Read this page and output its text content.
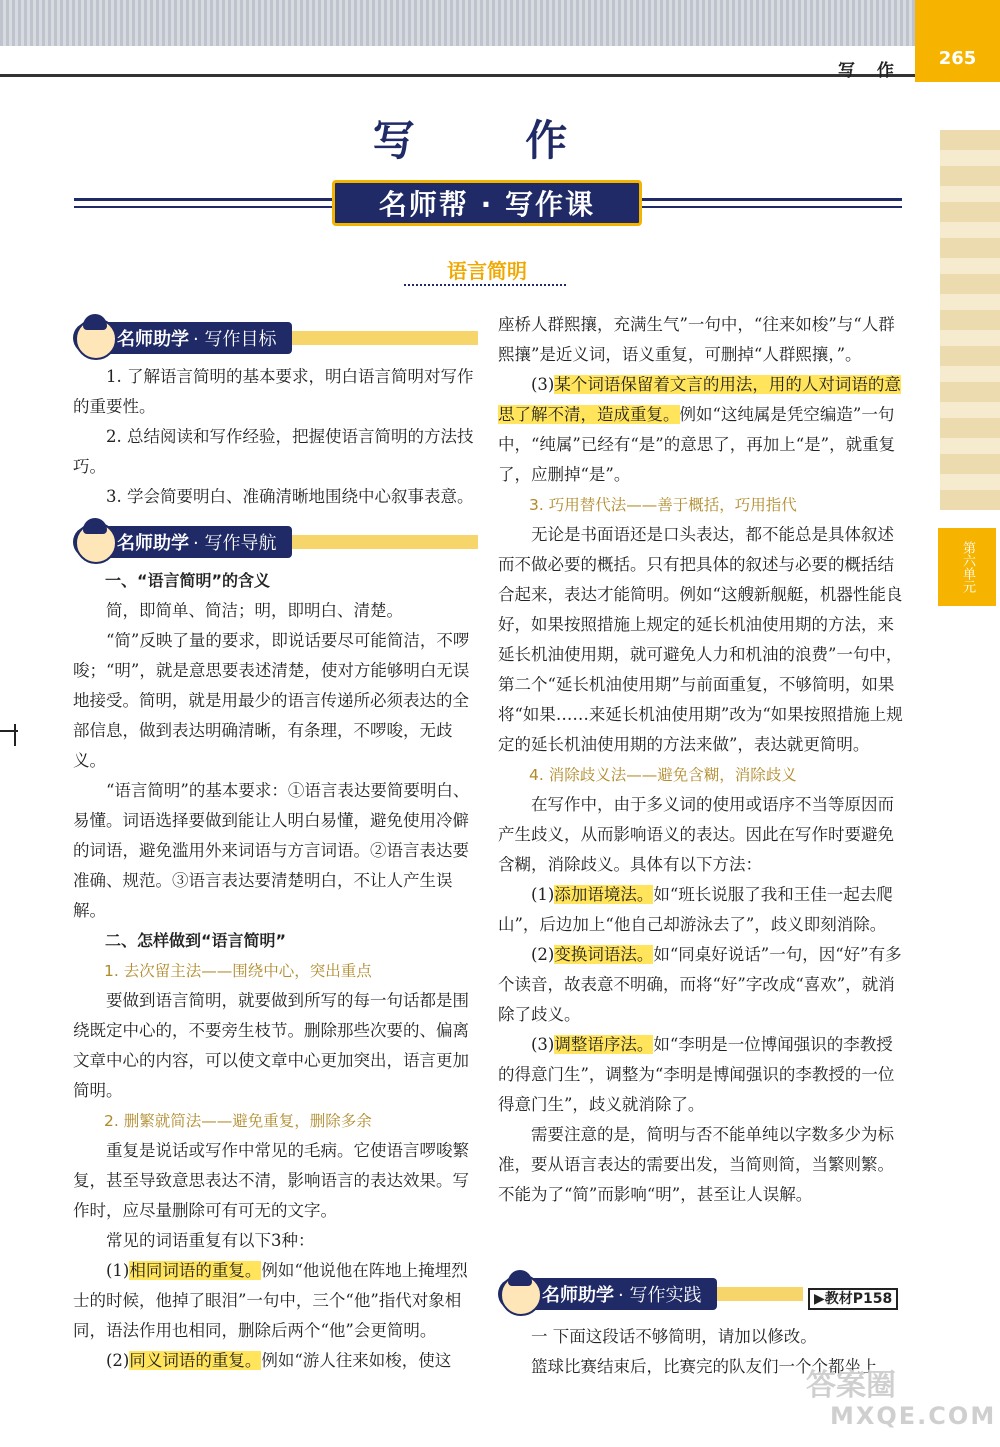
写 作
265
第六单元
写 作
名师帮 · 写作课
语言简明
名师助学 · 写作目标
名师助学 · 写作导航

1. 了解语言简明的基本要求，明白语言简明对写作的重要性。

2. 总结阅读和写作经验，把握使语言简明的方法技巧。

3. 学会简要明白、准确清晰地围绕中心叙事表意。

一、“语言简明”的含义

简，即简单、简洁；明，即明白、清楚。

“简”反映了量的要求，即说话要尽可能简洁，不啰唆；“明”，就是意思要表述清楚，使对方能够明白无误地接受。简明，就是用最少的语言传递所必须表达的全部信息，做到表达明确清晰，有条理，不啰唆，无歧义。

“语言简明”的基本要求：①语言表达要简要明白、易懂。词语选择要做到能让人明白易懂，避免使用冷僻的词语，避免滥用外来词语与方言词语。②语言表达要准确、规范。③语言表达要清楚明白，不让人产生误解。

二、怎样做到“语言简明”

1. 去次留主法——围绕中心，突出重点

要做到语言简明，就要做到所写的每一句话都是围绕既定中心的，不要旁生枝节。删除那些次要的、偏离文章中心的内容，可以使文章中心更加突出，语言更加简明。

2. 删繁就简法——避免重复，删除多余

重复是说话或写作中常见的毛病。它使语言啰唆繁复，甚至导致意思表达不清，影响语言的表达效果。写作时，应尽量删除可有可无的文字。

常见的词语重复有以下3种：

(1)相同词语的重复。例如“他说他在阵地上掩埋烈士的时候，他掉了眼泪”一句中，三个“他”指代对象相同，语法作用也相同，删除后两个“他”会更简明。

(2)同义词语的重复。例如“游人往来如梭，使这

座桥人群熙攘，充满生气”一句中，“往来如梭”与“人群熙攘”是近义词，语义重复，可删掉“人群熙攘，”。

(3)某个词语保留着文言的用法，用的人对词语的意思了解不清，造成重复。例如“这纯属是凭空编造”一句中，“纯属”已经有“是”的意思了，再加上“是”，就重复了，应删掉“是”。

3. 巧用替代法——善于概括，巧用指代

无论是书面语还是口头表达，都不能总是具体叙述而不做必要的概括。只有把具体的叙述与必要的概括结合起来，表达才能简明。例如“这艘新舰艇，机器性能良好，如果按照措施上规定的延长机油使用期的方法，来延长机油使用期，就可避免人力和机油的浪费”一句中，第二个“延长机油使用期”与前面重复，不够简明，如果将“如果……来延长机油使用期”改为“如果按照措施上规定的延长机油使用期的方法来做”，表达就更简明。

4. 消除歧义法——避免含糊，消除歧义

在写作中，由于多义词的使用或语序不当等原因而产生歧义，从而影响语义的表达。因此在写作时要避免含糊，消除歧义。具体有以下方法：

(1)添加语境法。如“班长说服了我和王佳一起去爬山”，后边加上“他自己却游泳去了”，歧义即刻消除。

(2)变换词语法。如“同桌好说话”一句，因“好”有多个读音，故表意不明确，而将“好”字改成“喜欢”，就消除了歧义。

(3)调整语序法。如“李明是一位博闻强识的李教授的得意门生”，调整为“李明是博闻强识的李教授的一位得意门生”，歧义就消除了。

需要注意的是，简明与否不能单纯以字数多少为标准，要从语言表达的需要出发，当简则简，当繁则繁。不能为了“简”而影响“明”，甚至让人误解。

名师助学 · 写作实践	▶教材P158

一 下面这段话不够简明，请加以修改。

篮球比赛结束后，比赛完的队友们一个个都坐上

答案圈
MXQE.COM
